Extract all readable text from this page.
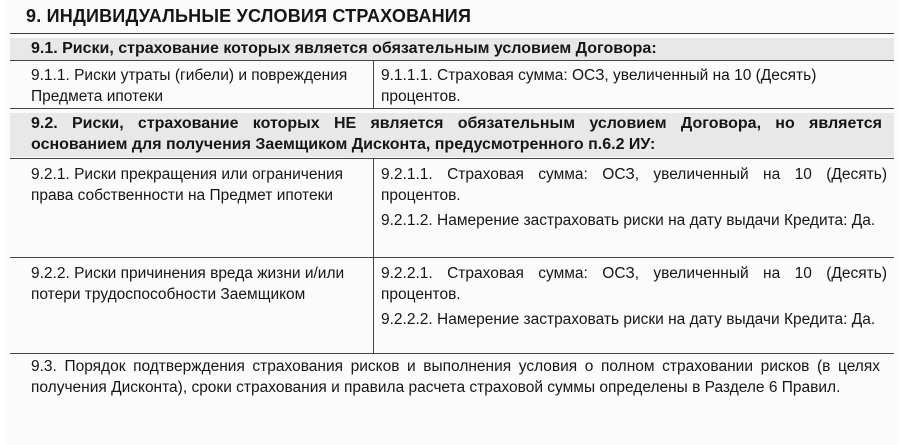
9. ИНДИВИДУАЛЬНЫЕ УСЛОВИЯ СТРАХОВАНИЯ
9.1. Риски, страхование которых является обязательным условием Договора:
9.1.1. Риски утраты (гибели) и повреждения Предмета ипотеки
9.1.1.1. Страховая сумма: ОСЗ, увеличенный на 10 (Десять) процентов.
9.2. Риски, страхование которых НЕ является обязательным условием Договора, но является основанием для получения Заемщиком Дисконта, предусмотренного п.6.2 ИУ:
9.2.1. Риски прекращения или ограничения права собственности на Предмет ипотеки
9.2.1.1. Страховая сумма: ОСЗ, увеличенный на 10 (Десять) процентов.
9.2.1.2. Намерение застраховать риски на дату выдачи Кредита: Да.
9.2.2. Риски причинения вреда жизни и/или потери трудоспособности Заемщиком
9.2.2.1. Страховая сумма: ОСЗ, увеличенный на 10 (Десять) процентов.
9.2.2.2. Намерение застраховать риски на дату выдачи Кредита: Да.
9.3. Порядок подтверждения страхования рисков и выполнения условия о полном страховании рисков (в целях получения Дисконта), сроки страхования и правила расчета страховой суммы определены в Разделе 6 Правил.
